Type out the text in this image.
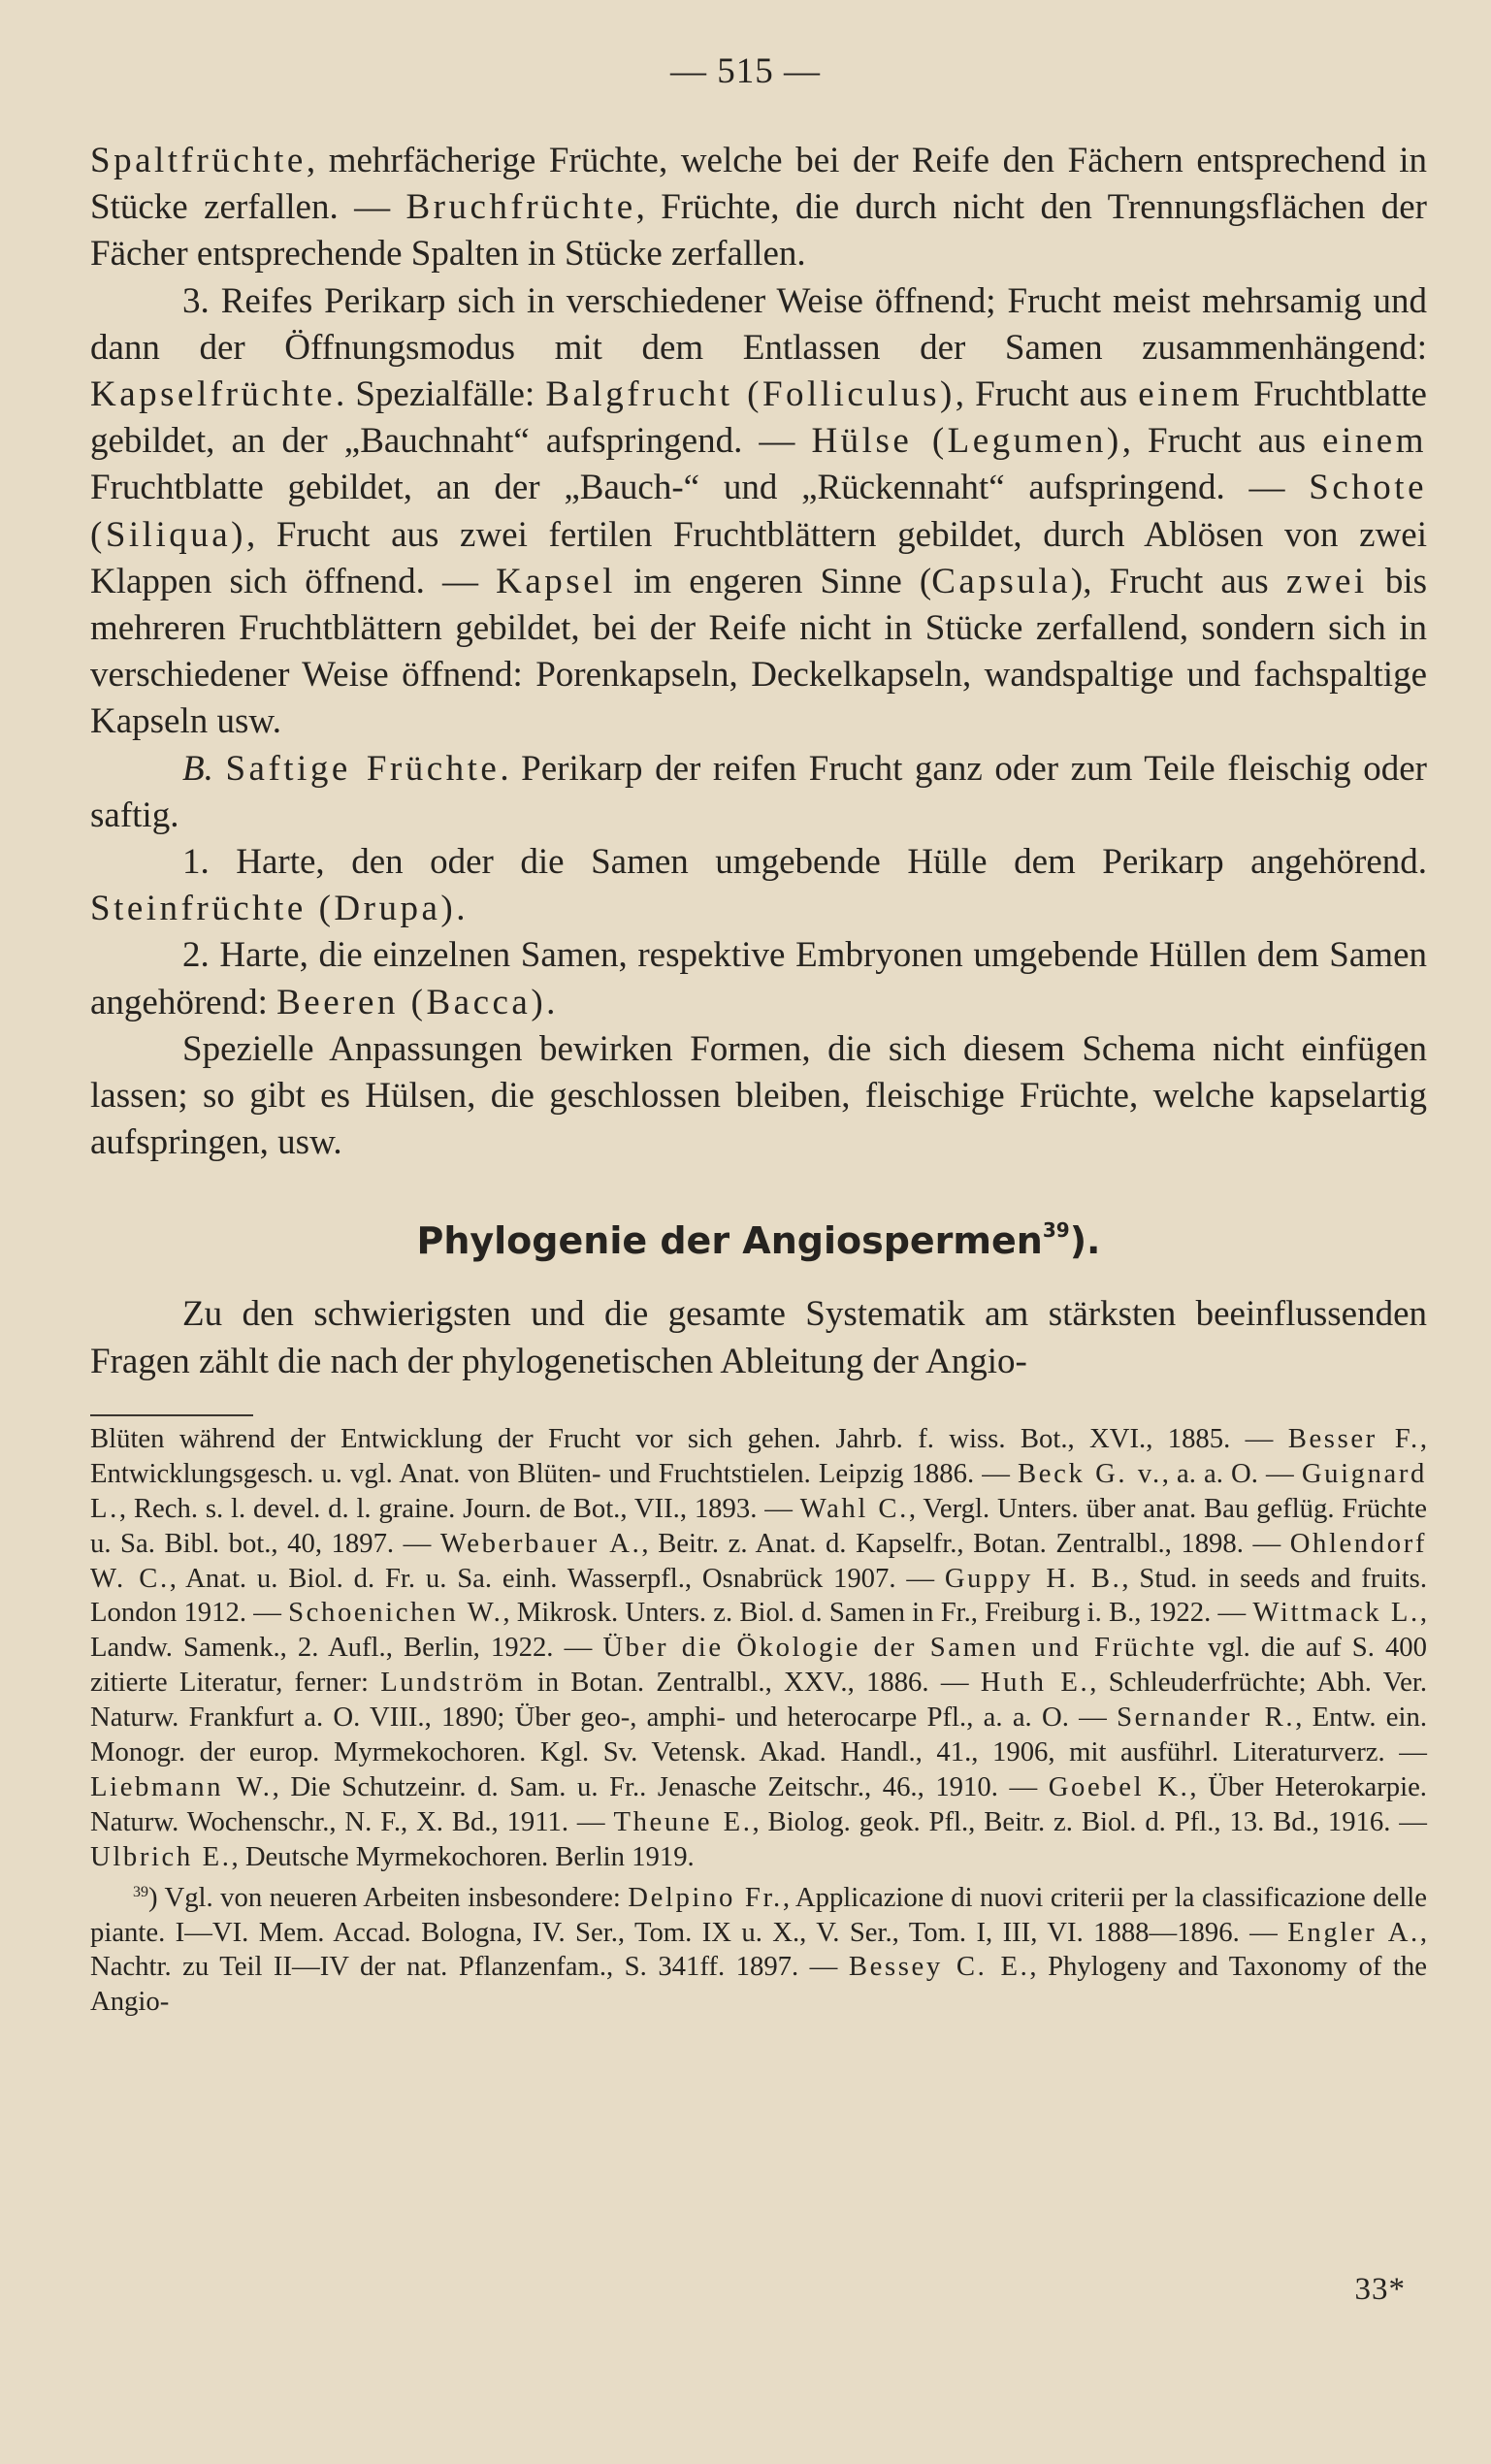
— 515 —

Spaltfrüchte, mehrfächerige Früchte, welche bei der Reife den Fächern entsprechend in Stücke zerfallen. — Bruchfrüchte, Früchte, die durch nicht den Trennungsflächen der Fächer entsprechende Spalten in Stücke zerfallen.

3. Reifes Perikarp sich in verschiedener Weise öffnend; Frucht meist mehrsamig und dann der Öffnungsmodus mit dem Entlassen der Samen zusammenhängend: Kapselfrüchte. Spezialfälle: Balgfrucht (Folliculus), Frucht aus einem Fruchtblatte gebildet, an der „Bauchnaht“ aufspringend. — Hülse (Legumen), Frucht aus einem Fruchtblatte gebildet, an der „Bauch-“ und „Rückennaht“ aufspringend. — Schote (Siliqua), Frucht aus zwei fertilen Fruchtblättern gebildet, durch Ablösen von zwei Klappen sich öffnend. — Kapsel im engeren Sinne (Capsula), Frucht aus zwei bis mehreren Fruchtblättern gebildet, bei der Reife nicht in Stücke zerfallend, sondern sich in verschiedener Weise öffnend: Porenkapseln, Deckelkapseln, wandspaltige und fachspaltige Kapseln usw.

B. Saftige Früchte. Perikarp der reifen Frucht ganz oder zum Teile fleischig oder saftig.

1. Harte, den oder die Samen umgebende Hülle dem Perikarp angehörend. Steinfrüchte (Drupa).

2. Harte, die einzelnen Samen, respektive Embryonen umgebende Hüllen dem Samen angehörend: Beeren (Bacca).

Spezielle Anpassungen bewirken Formen, die sich diesem Schema nicht einfügen lassen; so gibt es Hülsen, die geschlossen bleiben, fleischige Früchte, welche kapselartig aufspringen, usw.

Phylogenie der Angiospermen$^{39}$).

Zu den schwierigsten und die gesamte Systematik am stärksten beeinflussenden Fragen zählt die nach der phylogenetischen Ableitung der Angio-

Blüten während der Entwicklung der Frucht vor sich gehen. Jahrb. f. wiss. Bot., XVI., 1885. — Besser F., Entwicklungsgesch. u. vgl. Anat. von Blüten- und Fruchtstielen. Leipzig 1886. — Beck G. v., a. a. O. — Guignard L., Rech. s. l. devel. d. l. graine. Journ. de Bot., VII., 1893. — Wahl C., Vergl. Unters. über anat. Bau geflüg. Früchte u. Sa. Bibl. bot., 40, 1897. — Weberbauer A., Beitr. z. Anat. d. Kapselfr., Botan. Zentralbl., 1898. — Ohlendorf W. C., Anat. u. Biol. d. Fr. u. Sa. einh. Wasserpfl., Osnabrück 1907. — Guppy H. B., Stud. in seeds and fruits. London 1912. — Schoenichen W., Mikrosk. Unters. z. Biol. d. Samen in Fr., Freiburg i. B., 1922. — Wittmack L., Landw. Samenk., 2. Aufl., Berlin, 1922. — Über die Ökologie der Samen und Früchte vgl. die auf S. 400 zitierte Literatur, ferner: Lundström in Botan. Zentralbl., XXV., 1886. — Huth E., Schleuderfrüchte; Abh. Ver. Naturw. Frankfurt a. O. VIII., 1890; Über geo-, amphi- und heterocarpe Pfl., a. a. O. — Sernander R., Entw. ein. Monogr. der europ. Myrmekochoren. Kgl. Sv. Vetensk. Akad. Handl., 41., 1906, mit ausführl. Literaturverz. — Liebmann W., Die Schutzeinr. d. Sam. u. Fr.. Jenasche Zeitschr., 46., 1910. — Goebel K., Über Heterokarpie. Naturw. Wochenschr., N. F., X. Bd., 1911. — Theune E., Biolog. geok. Pfl., Beitr. z. Biol. d. Pfl., 13. Bd., 1916. — Ulbrich E., Deutsche Myrmekochoren. Berlin 1919.

$^{39}$) Vgl. von neueren Arbeiten insbesondere: Delpino Fr., Applicazione di nuovi criterii per la classificazione delle piante. I—VI. Mem. Accad. Bologna, IV. Ser., Tom. IX u. X., V. Ser., Tom. I, III, VI. 1888—1896. — Engler A., Nachtr. zu Teil II—IV der nat. Pflanzenfam., S. 341ff. 1897. — Bessey C. E., Phylogeny and Taxonomy of the Angio-

33*
